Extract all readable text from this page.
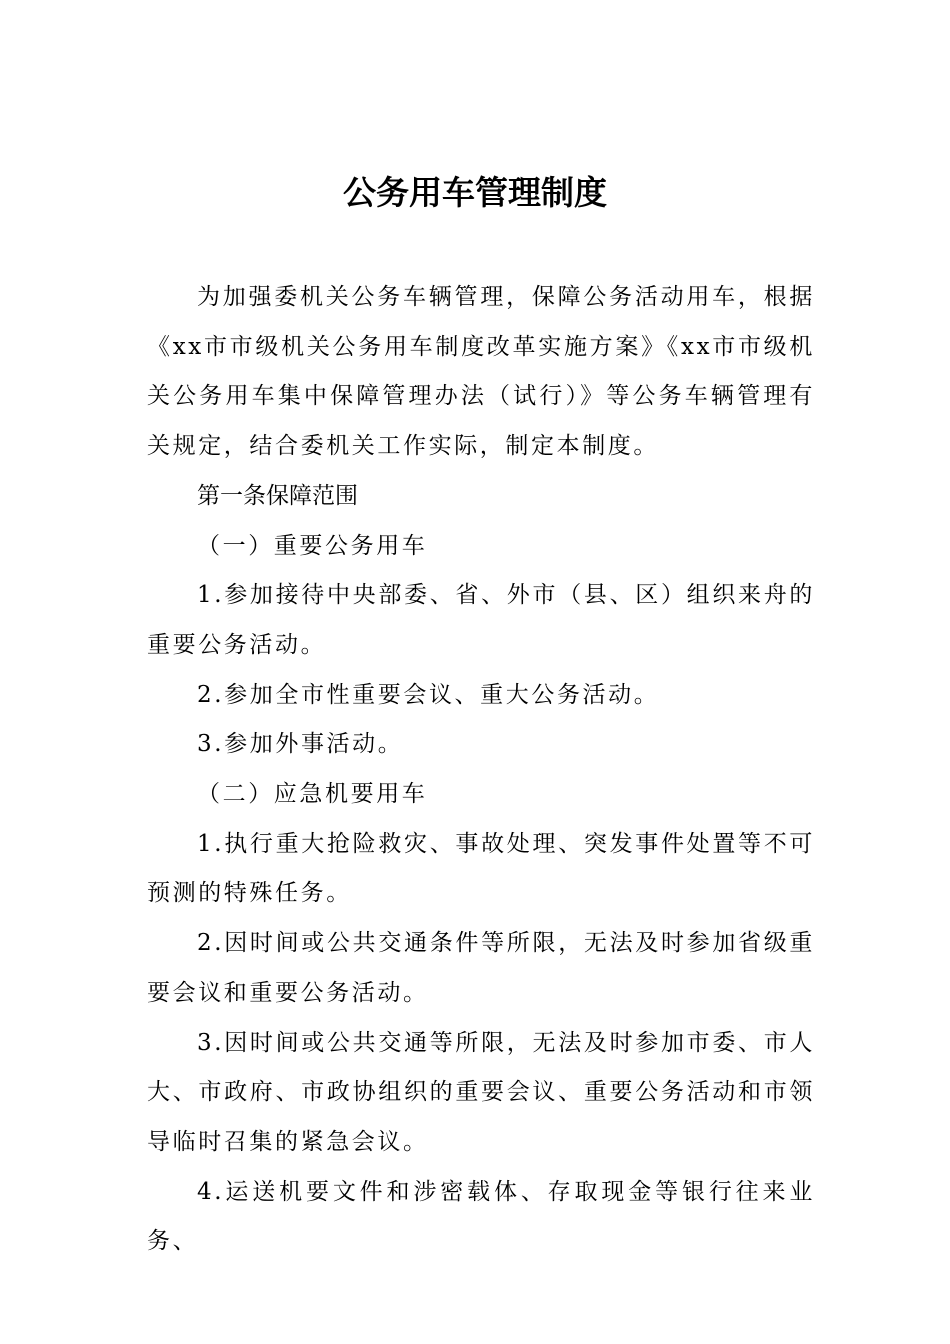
公务用车管理制度

为加强委机关公务车辆管理，保障公务活动用车，根据《xx市市级机关公务用车制度改革实施方案》《xx市市级机关公务用车集中保障管理办法（试行）》等公务车辆管理有关规定，结合委机关工作实际，制定本制度。

第一条保障范围

（一）重要公务用车

1.参加接待中央部委、省、外市（县、区）组织来舟的重要公务活动。

2.参加全市性重要会议、重大公务活动。

3.参加外事活动。

（二）应急机要用车

1.执行重大抢险救灾、事故处理、突发事件处置等不可预测的特殊任务。

2.因时间或公共交通条件等所限，无法及时参加省级重要会议和重要公务活动。

3.因时间或公共交通等所限，无法及时参加市委、市人大、市政府、市政协组织的重要会议、重要公务活动和市领导临时召集的紧急会议。

4.运送机要文件和涉密载体、存取现金等银行往来业务、
